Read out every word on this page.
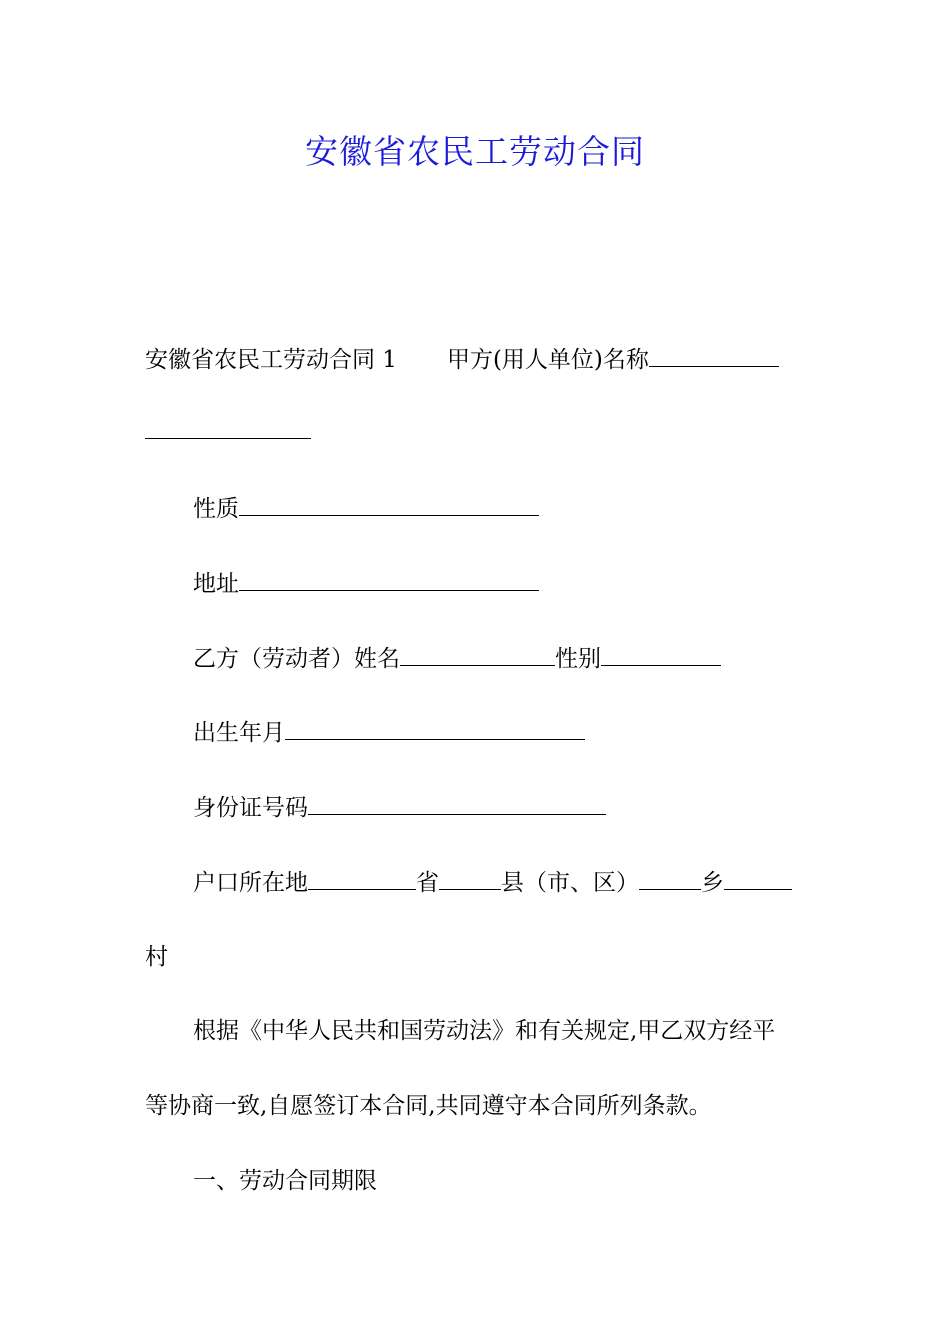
安徽省农民工劳动合同
安徽省农民工劳动合同 1 甲方(用人单位)名称
性质
地址
乙方（劳动者）姓名	性别
出生年月
身份证号码
户口所在地	省	县（市、区）	乡
村
根据《中华人民共和国劳动法》和有关规定,甲乙双方经平
等协商一致,自愿签订本合同,共同遵守本合同所列条款。
一、劳动合同期限
